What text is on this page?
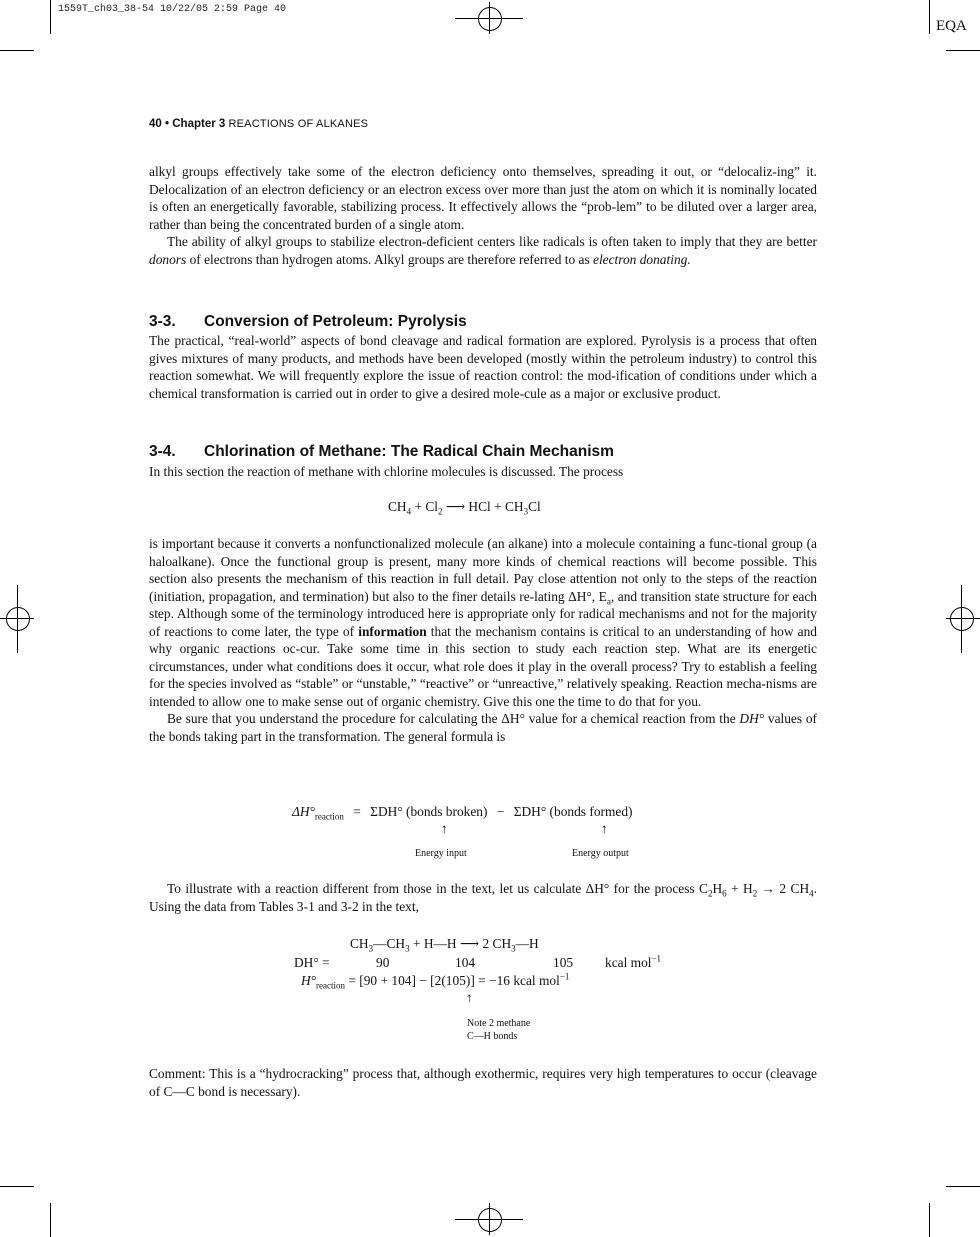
1559T_ch03_38-54 10/22/05 2:59 Page 40
EQA
40 • Chapter 3 REACTIONS OF ALKANES

alkyl groups effectively take some of the electron deficiency onto themselves, spreading it out, or “delocaliz-ing” it. Delocalization of an electron deficiency or an electron excess over more than just the atom on which it is nominally located is often an energetically favorable, stabilizing process. It effectively allows the “prob-lem” to be diluted over a larger area, rather than being the concentrated burden of a single atom.

The ability of alkyl groups to stabilize electron-deficient centers like radicals is often taken to imply that they are better donors of electrons than hydrogen atoms. Alkyl groups are therefore referred to as electron donating.

3-3. Conversion of Petroleum: Pyrolysis

The practical, “real-world” aspects of bond cleavage and radical formation are explored. Pyrolysis is a process that often gives mixtures of many products, and methods have been developed (mostly within the petroleum industry) to control this reaction somewhat. We will frequently explore the issue of reaction control: the mod-ification of conditions under which a chemical transformation is carried out in order to give a desired mole-cule as a major or exclusive product.

3-4. Chlorination of Methane: The Radical Chain Mechanism

In this section the reaction of methane with chlorine molecules is discussed. The process

$CH_4 + Cl_2$ ⟶ HCl + $CH_3Cl$

is important because it converts a nonfunctionalized molecule (an alkane) into a molecule containing a func-tional group (a haloalkane). Once the functional group is present, many more kinds of chemical reactions will become possible. This section also presents the mechanism of this reaction in full detail. Pay close attention not only to the steps of the reaction (initiation, propagation, and termination) but also to the finer details re-lating ΔH°, $E_a$, and transition state structure for each step. Although some of the terminology introduced here is appropriate only for radical mechanisms and not for the majority of reactions to come later, the type of information that the mechanism contains is critical to an understanding of how and why organic reactions oc-cur. Take some time in this section to study each reaction step. What are its energetic circumstances, under what conditions does it occur, what role does it play in the overall process? Try to establish a feeling for the species involved as “stable” or “unstable,” “reactive” or “unreactive,” relatively speaking. Reaction mecha-nisms are intended to allow one to make sense out of organic chemistry. Give this one the time to do that for you.

Be sure that you understand the procedure for calculating the ΔH° value for a chemical reaction from the DH° values of the bonds taking part in the transformation. The general formula is

$\Delta H^\circ_{reaction} = \Sigma DH^\circ$ (bonds broken) − ΣDH° (bonds formed)
↑	↑
Energy input	Energy output

To illustrate with a reaction different from those in the text, let us calculate ΔH° for the process $C_2H_6 + H_2 \to 2$ $CH_4$. Using the data from Tables 3-1 and 3-2 in the text,

$CH_3—CH_3$ + H—H ⟶ 2 $CH_3—H$
DH° =	90	104	105 kcal mol$^{-1}$
$H^\circ_{reaction} = [90 + 104] - [2(105)] = -16$ kcal mol$^{-1}$
↑
Note 2 methane
C—H bonds

Comment: This is a “hydrocracking” process that, although exothermic, requires very high temperatures to occur (cleavage of C—C bond is necessary).
